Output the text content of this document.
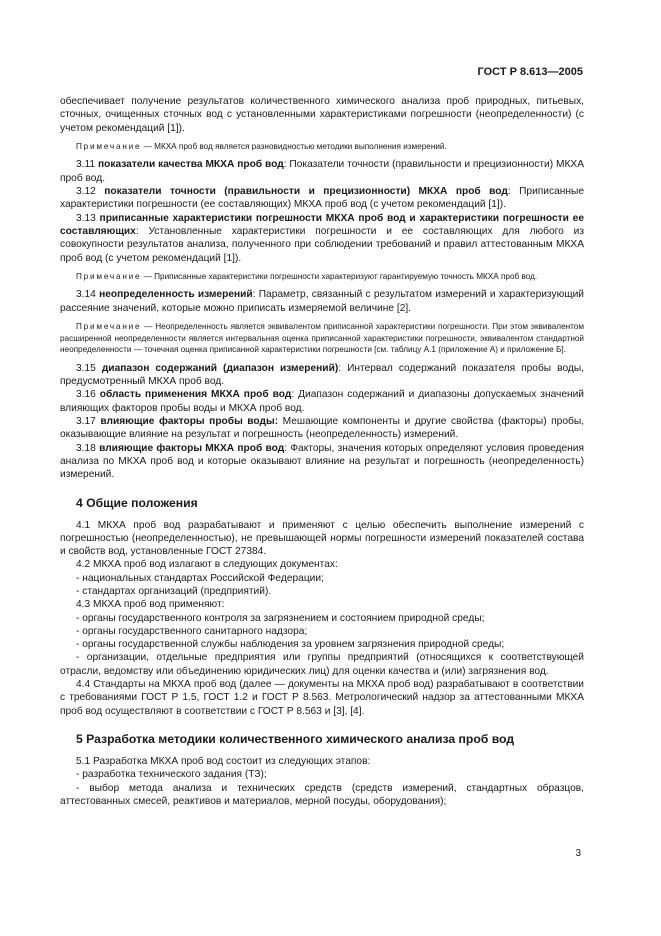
ГОСТ Р 8.613—2005

обеспечивает получение результатов количественного химического анализа проб природных, питьевых, сточных, очищенных сточных вод с установленными характеристиками погрешности (неопределенности) (с учетом рекомендаций [1]).

Примечание — МКХА проб вод является разновидностью методики выполнения измерений.

3.11 показатели качества МКХА проб вод: Показатели точности (правильности и прецизионности) МКХА проб вод.

3.12 показатели точности (правильности и прецизионности) МКХА проб вод: Приписанные характеристики погрешности (ее составляющих) МКХА проб вод (с учетом рекомендаций [1]).

3.13 приписанные характеристики погрешности МКХА проб вод и характеристики погрешности ее составляющих: Установленные характеристики погрешности и ее составляющих для любого из совокупности результатов анализа, полученного при соблюдении требований и правил аттестованным МКХА проб вод (с учетом рекомендаций [1]).

Примечание — Приписанные характеристики погрешности характеризуют гарантируемую точность МКХА проб вод.

3.14 неопределенность измерений: Параметр, связанный с результатом измерений и характеризующий рассеяние значений, которые можно приписать измеряемой величине [2].

Примечание — Неопределенность является эквивалентом приписанной характеристики погрешности. При этом эквивалентом расширенной неопределенности является интервальная оценка приписанной характеристики погрешности, эквивалентом стандартной неопределенности — точечная оценка приписанной характеристики погрешности [см. таблицу А.1 (приложение А) и приложение Б].

3.15 диапазон содержаний (диапазон измерений): Интервал содержаний показателя пробы воды, предусмотренный МКХА проб вод.

3.16 область применения МКХА проб вод: Диапазон содержаний и диапазоны допускаемых значений влияющих факторов пробы воды и МКХА проб вод.

3.17 влияющие факторы пробы воды: Мешающие компоненты и другие свойства (факторы) пробы, оказывающие влияние на результат и погрешность (неопределенность) измерений.

3.18 влияющие факторы МКХА проб вод: Факторы, значения которых определяют условия проведения анализа по МКХА проб вод и которые оказывают влияние на результат и погрешность (неопределенность) измерений.

4 Общие положения

4.1 МКХА проб вод разрабатывают и применяют с целью обеспечить выполнение измерений с погрешностью (неопределенностью), не превышающей нормы погрешности измерений показателей состава и свойств вод, установленные ГОСТ 27384.

4.2 МКХА проб вод излагают в следующих документах:

- национальных стандартах Российской Федерации;

- стандартах организаций (предприятий).

4.3 МКХА проб вод применяют:

- органы государственного контроля за загрязнением и состоянием природной среды;

- органы государственного санитарного надзора;

- органы государственной службы наблюдения за уровнем загрязнения природной среды;

- организации, отдельные предприятия или группы предприятий (относящихся к соответствующей отрасли, ведомству или объединению юридических лиц) для оценки качества и (или) загрязнения вод.

4.4 Стандарты на МКХА проб вод (далее — документы на МКХА проб вод) разрабатывают в соответствии с требованиями ГОСТ Р 1.5, ГОСТ 1.2 и ГОСТ Р 8.563. Метрологический надзор за аттестованными МКХА проб вод осуществляют в соответствии с ГОСТ Р 8.563 и [3], [4].

5 Разработка методики количественного химического анализа проб вод

5.1 Разработка МКХА проб вод состоит из следующих этапов:

- разработка технического задания (ТЗ);

- выбор метода анализа и технических средств (средств измерений, стандартных образцов, аттестованных смесей, реактивов и материалов, мерной посуды, оборудования);

3
